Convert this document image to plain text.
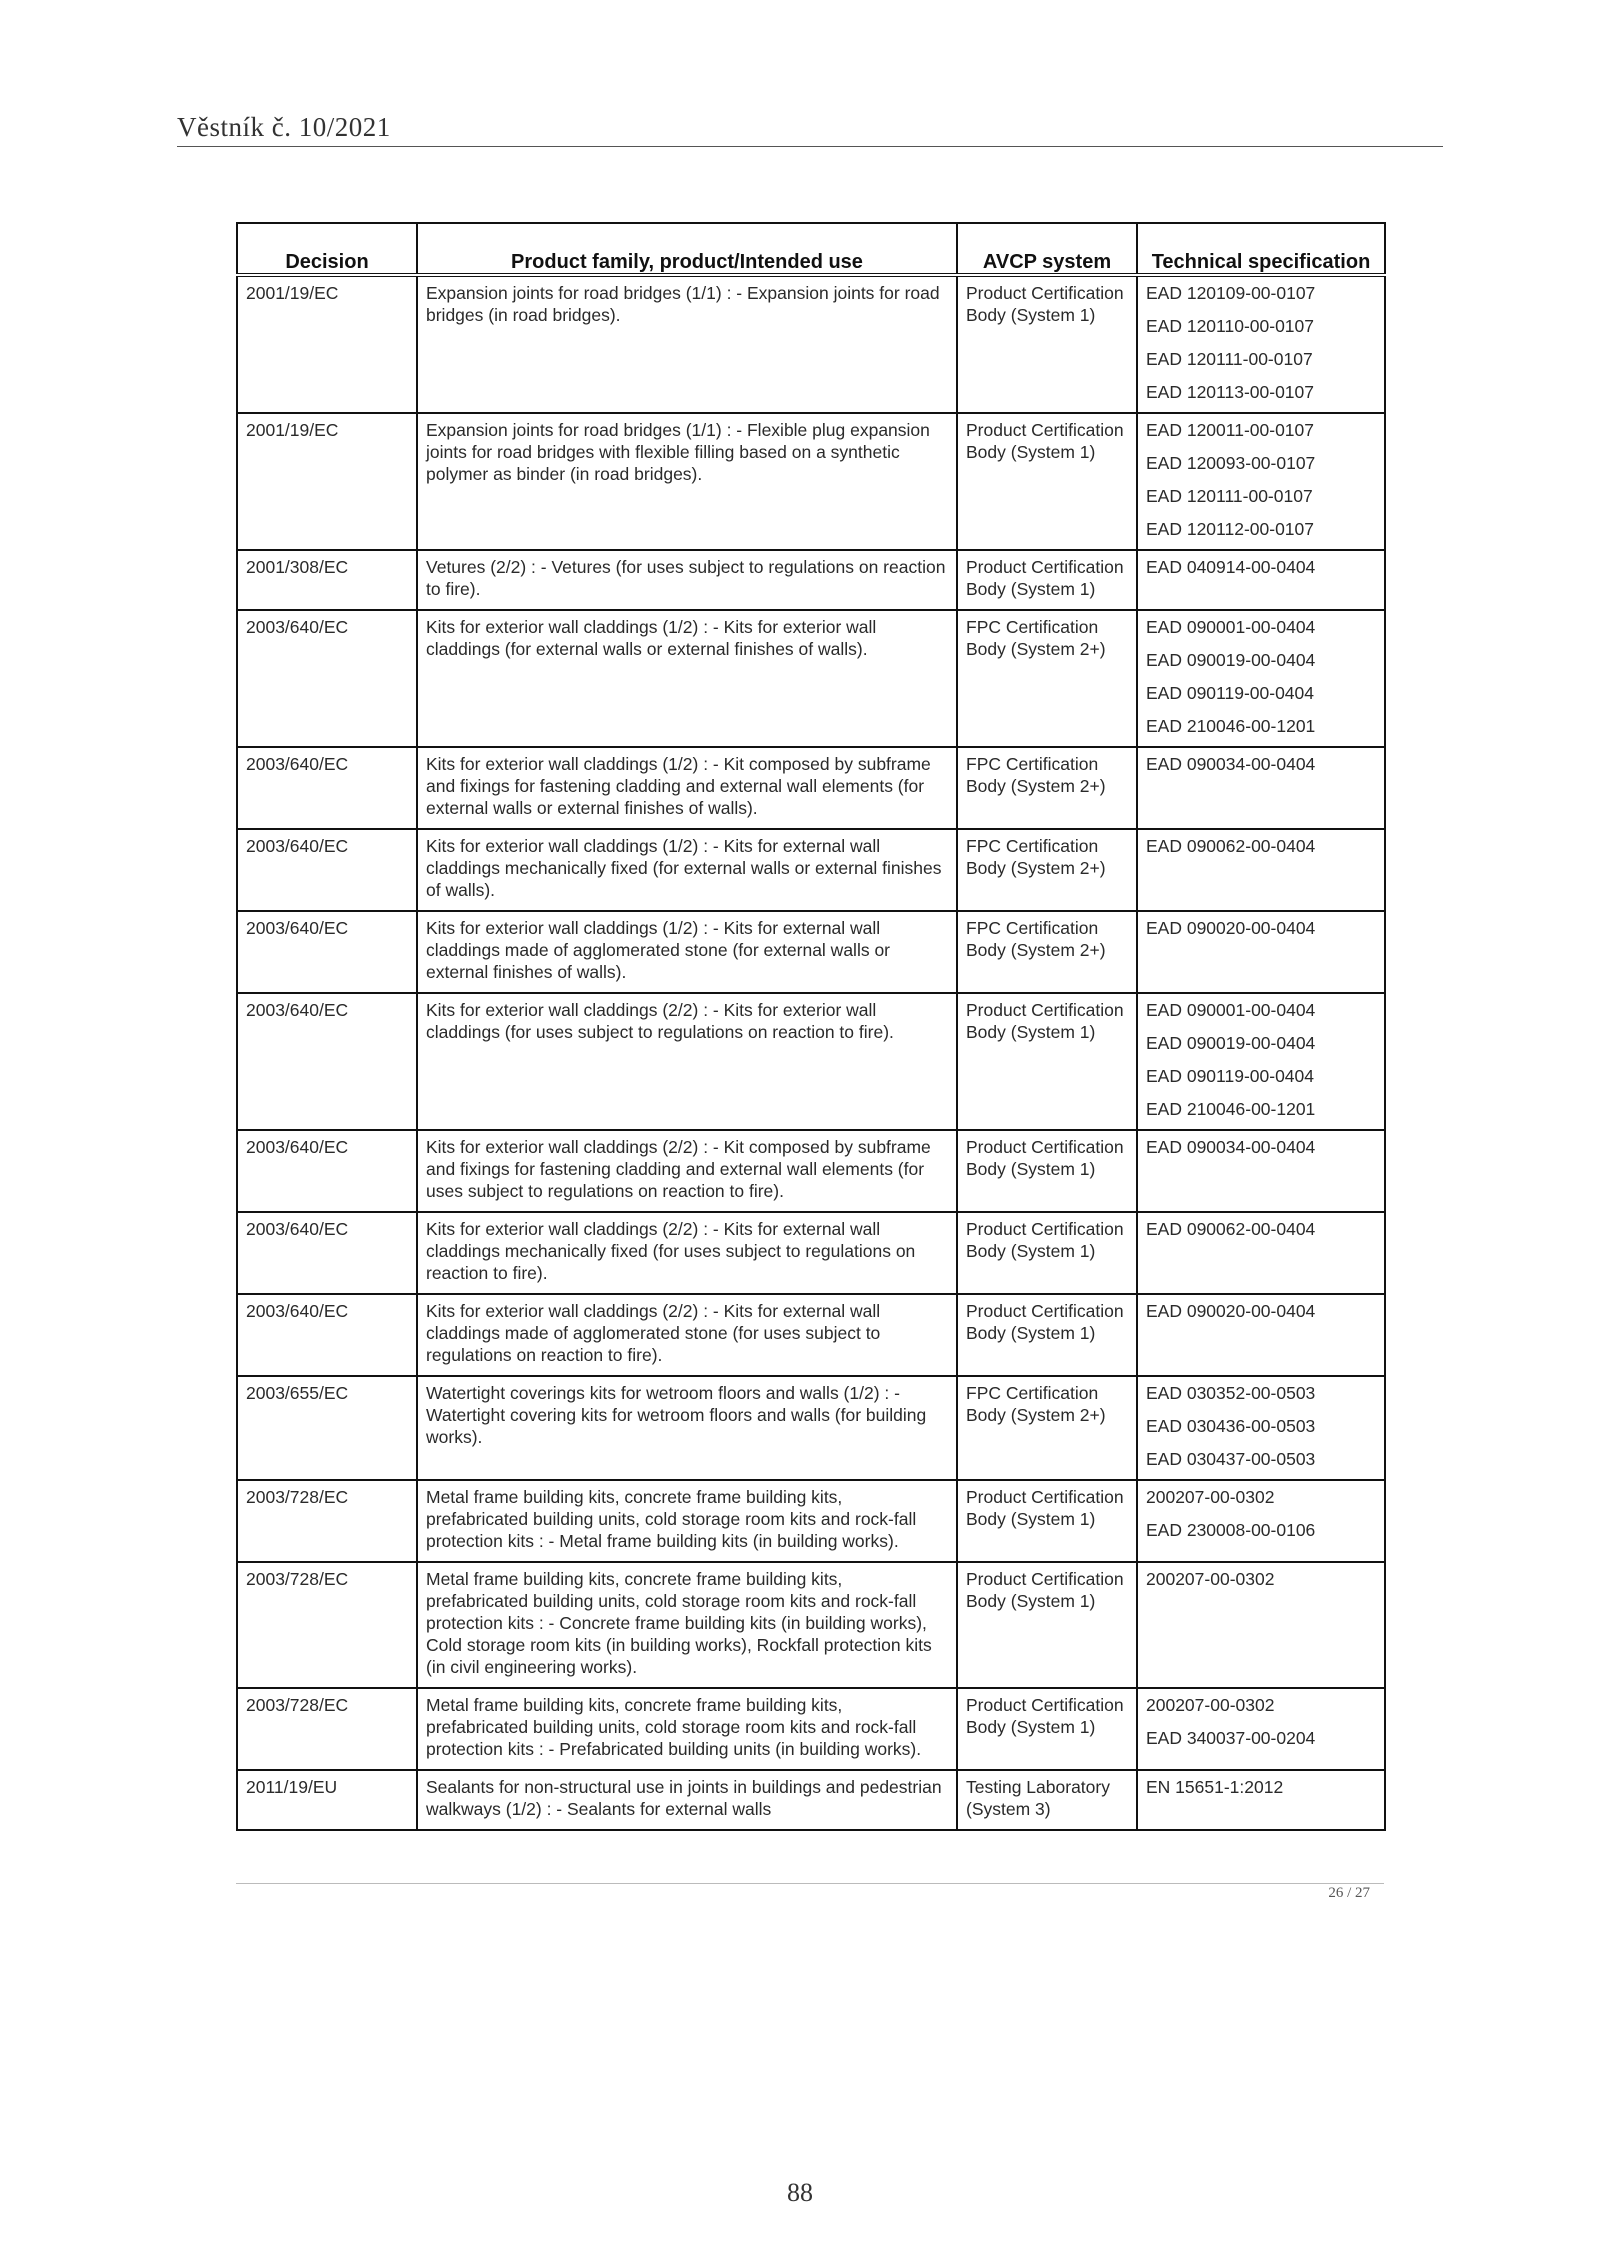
Věstník č. 10/2021
Decision	Product family, product/Intended use	AVCP system	Technical specification
2001/19/EC	Expansion joints for road bridges (1/1) : - Expansion joints for road bridges (in road bridges).	Product Certification Body (System 1)	EAD 120109-00-0107
EAD 120110-00-0107
EAD 120111-00-0107
EAD 120113-00-0107

2001/19/EC	Expansion joints for road bridges (1/1) : - Flexible plug expansion joints for road bridges with flexible filling based on a synthetic polymer as binder (in road bridges).	Product Certification Body (System 1)	EAD 120011-00-0107
EAD 120093-00-0107
EAD 120111-00-0107
EAD 120112-00-0107

2001/308/EC	Vetures (2/2) : - Vetures (for uses subject to regulations on reaction to fire).	Product Certification Body (System 1)	EAD 040914-00-0404

2003/640/EC	Kits for exterior wall claddings (1/2) : - Kits for exterior wall claddings (for external walls or external finishes of walls).	FPC Certification Body (System 2+)	EAD 090001-00-0404
EAD 090019-00-0404
EAD 090119-00-0404
EAD 210046-00-1201

2003/640/EC	Kits for exterior wall claddings (1/2) : - Kit composed by subframe and fixings for fastening cladding and external wall elements (for external walls or external finishes of walls).	FPC Certification Body (System 2+)	EAD 090034-00-0404

2003/640/EC	Kits for exterior wall claddings (1/2) : - Kits for external wall claddings mechanically fixed (for external walls or external finishes of walls).	FPC Certification Body (System 2+)	EAD 090062-00-0404

2003/640/EC	Kits for exterior wall claddings (1/2) : - Kits for external wall claddings made of agglomerated stone (for external walls or external finishes of walls).	FPC Certification Body (System 2+)	EAD 090020-00-0404

2003/640/EC	Kits for exterior wall claddings (2/2) : - Kits for exterior wall claddings (for uses subject to regulations on reaction to fire).	Product Certification Body (System 1)	EAD 090001-00-0404
EAD 090019-00-0404
EAD 090119-00-0404
EAD 210046-00-1201

2003/640/EC	Kits for exterior wall claddings (2/2) : - Kit composed by subframe and fixings for fastening cladding and external wall elements (for uses subject to regulations on reaction to fire).	Product Certification Body (System 1)	EAD 090034-00-0404

2003/640/EC	Kits for exterior wall claddings (2/2) : - Kits for external wall claddings mechanically fixed (for uses subject to regulations on reaction to fire).	Product Certification Body (System 1)	EAD 090062-00-0404

2003/640/EC	Kits for exterior wall claddings (2/2) : - Kits for external wall claddings made of agglomerated stone (for uses subject to regulations on reaction to fire).	Product Certification Body (System 1)	EAD 090020-00-0404

2003/655/EC	Watertight coverings kits for wetroom floors and walls (1/2) : - Watertight covering kits for wetroom floors and walls (for building works).	FPC Certification Body (System 2+)	EAD 030352-00-0503
EAD 030436-00-0503
EAD 030437-00-0503

2003/728/EC	Metal frame building kits, concrete frame building kits, prefabricated building units, cold storage room kits and rock-fall protection kits : - Metal frame building kits (in building works).	Product Certification Body (System 1)	200207-00-0302
EAD 230008-00-0106

2003/728/EC	Metal frame building kits, concrete frame building kits, prefabricated building units, cold storage room kits and rock-fall protection kits : - Concrete frame building kits (in building works), Cold storage room kits (in building works), Rockfall protection kits (in civil engineering works).	Product Certification Body (System 1)	200207-00-0302

2003/728/EC	Metal frame building kits, concrete frame building kits, prefabricated building units, cold storage room kits and rock-fall protection kits : - Prefabricated building units (in building works).	Product Certification Body (System 1)	200207-00-0302
EAD 340037-00-0204

2011/19/EU	Sealants for non-structural use in joints in buildings and pedestrian walkways (1/2) : - Sealants for external walls	Testing Laboratory (System 3)	EN 15651-1:2012
26 / 27
88
